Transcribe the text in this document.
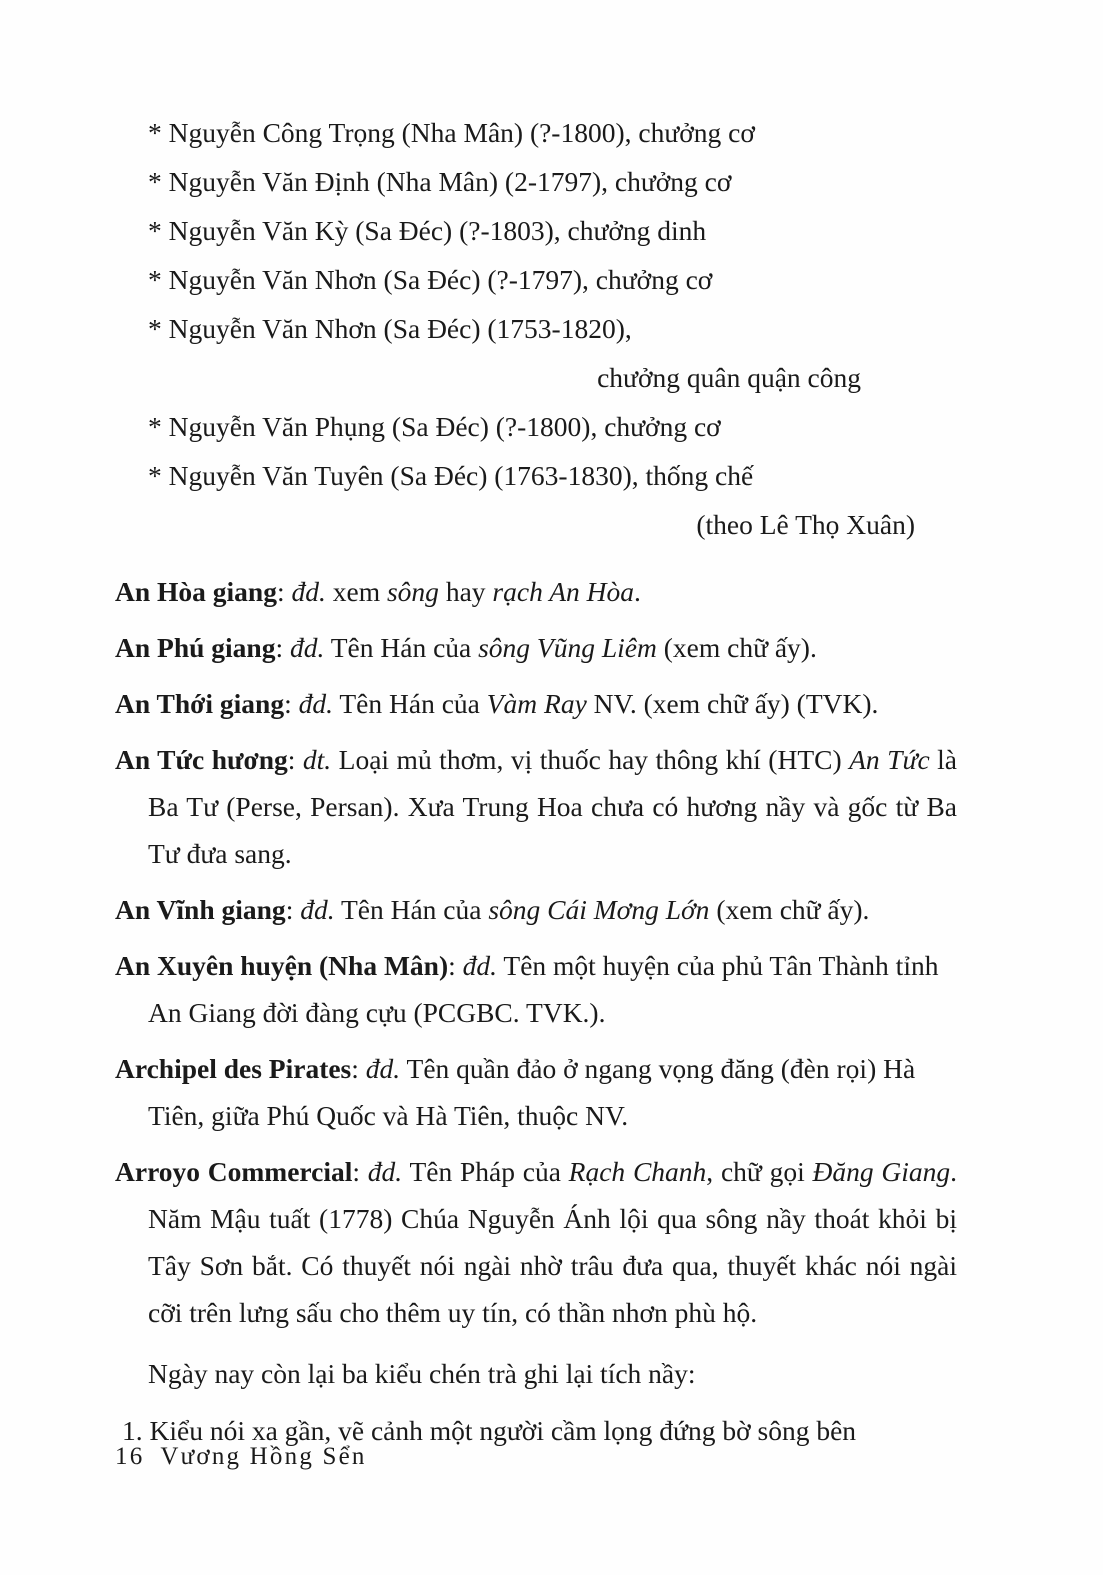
* Nguyễn Công Trọng (Nha Mân) (?-1800), chưởng cơ

* Nguyễn Văn Định (Nha Mân) (2-1797), chưởng cơ

* Nguyễn Văn Kỳ (Sa Đéc) (?-1803), chưởng dinh

* Nguyễn Văn Nhơn (Sa Đéc) (?-1797), chưởng cơ

* Nguyễn Văn Nhơn (Sa Đéc) (1753-1820),

chưởng quân quận công

* Nguyễn Văn Phụng (Sa Đéc) (?-1800), chưởng cơ

* Nguyễn Văn Tuyên (Sa Đéc) (1763-1830), thống chế

(theo Lê Thọ Xuân)

An Hòa giang: đd. xem sông hay rạch An Hòa.

An Phú giang: đd. Tên Hán của sông Vũng Liêm (xem chữ ấy).

An Thới giang: đd. Tên Hán của Vàm Ray NV. (xem chữ ấy) (TVK).

An Tức hương: dt. Loại mủ thơm, vị thuốc hay thông khí (HTC) An Tức là Ba Tư (Perse, Persan). Xưa Trung Hoa chưa có hương nầy và gốc từ Ba Tư đưa sang.

An Vĩnh giang: đd. Tên Hán của sông Cái Mơng Lớn (xem chữ ấy).

An Xuyên huyện (Nha Mân): đd. Tên một huyện của phủ Tân Thành tỉnh An Giang đời đàng cựu (PCGBC. TVK.).

Archipel des Pirates: đd. Tên quần đảo ở ngang vọng đăng (đèn rọi) Hà Tiên, giữa Phú Quốc và Hà Tiên, thuộc NV.

Arroyo Commercial: đd. Tên Pháp của Rạch Chanh, chữ gọi Đăng Giang. Năm Mậu tuất (1778) Chúa Nguyễn Ánh lội qua sông nầy thoát khỏi bị Tây Sơn bắt. Có thuyết nói ngài nhờ trâu đưa qua, thuyết khác nói ngài cỡi trên lưng sấu cho thêm uy tín, có thần nhơn phù hộ.

Ngày nay còn lại ba kiểu chén trà ghi lại tích nầy:

1. Kiểu nói xa gần, vẽ cảnh một người cầm lọng đứng bờ sông bên

16 Vương Hồng Sển
